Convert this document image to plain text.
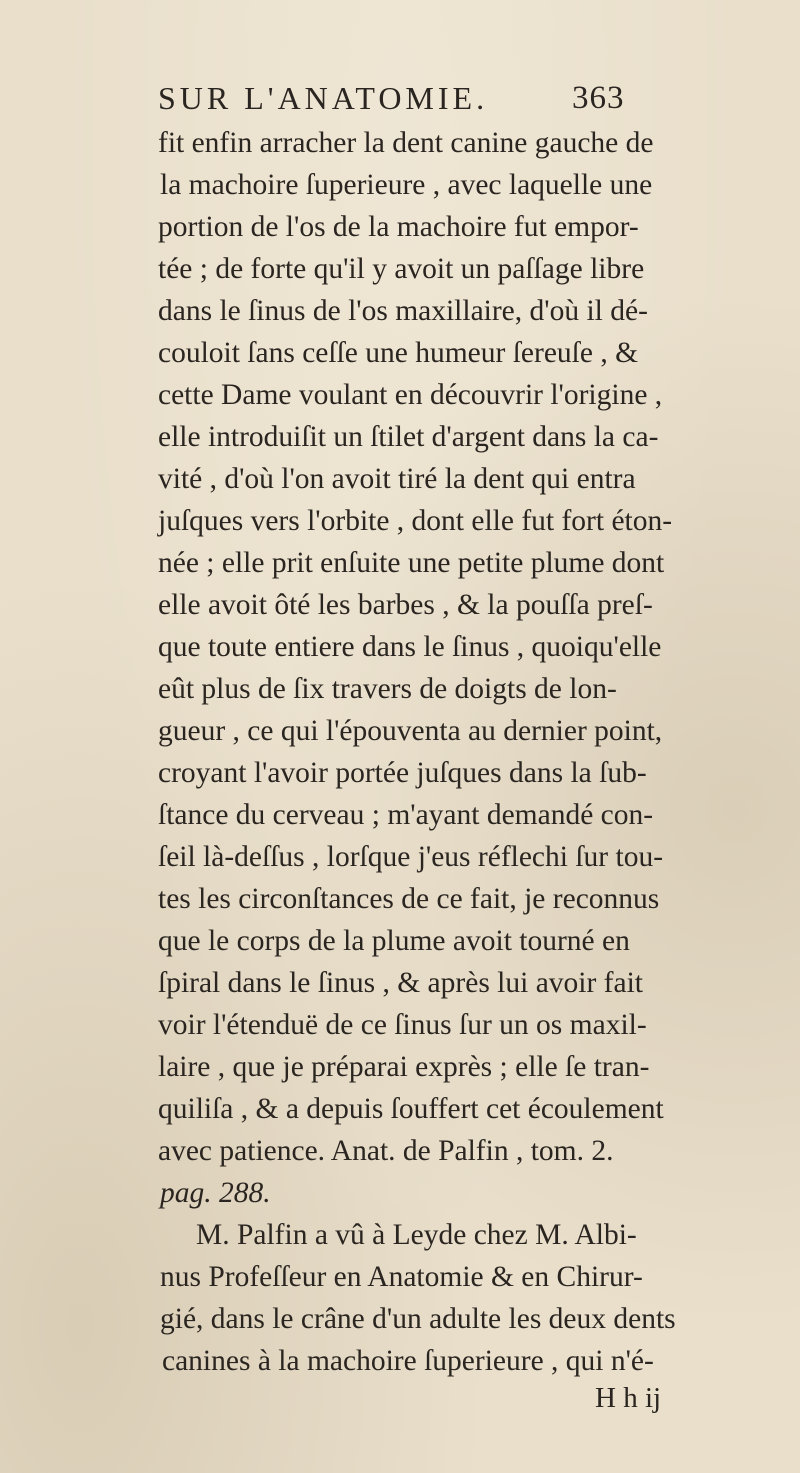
SUR L'ANATOMIE.	363
fit enfin arracher la dent canine gauche de
la machoire ſuperieure , avec laquelle une
portion de l'os de la machoire fut empor-
tée ; de forte qu'il y avoit un paſſage libre
dans le ſinus de l'os maxillaire, d'où il dé-
couloit ſans ceſſe une humeur ſereuſe , &
cette Dame voulant en découvrir l'origine ,
elle introduiſit un ſtilet d'argent dans la ca-
vité , d'où l'on avoit tiré la dent qui entra
juſques vers l'orbite , dont elle fut fort éton-
née ; elle prit enſuite une petite plume dont
elle avoit ôté les barbes , & la pouſſa preſ-
que toute entiere dans le ſinus , quoiqu'elle
eût plus de ſix travers de doigts de lon-
gueur , ce qui l'épouventa au dernier point,
croyant l'avoir portée juſques dans la ſub-
ſtance du cerveau ; m'ayant demandé con-
ſeil là-deſſus , lorſque j'eus réflechi ſur tou-
tes les circonſtances de ce fait, je reconnus
que le corps de la plume avoit tourné en
ſpiral dans le ſinus , & après lui avoir fait
voir l'étenduë de ce ſinus ſur un os maxil-
laire , que je préparai exprès ; elle ſe tran-
quiliſa , & a depuis ſouffert cet écoulement
avec patience. Anat. de Palfin , tom. 2.
pag. 288.
M. Palfin a vû à Leyde chez M. Albi-
nus Profeſſeur en Anatomie & en Chirur-
gié, dans le crâne d'un adulte les deux dents
canines à la machoire ſuperieure , qui n'é-
H h ij
